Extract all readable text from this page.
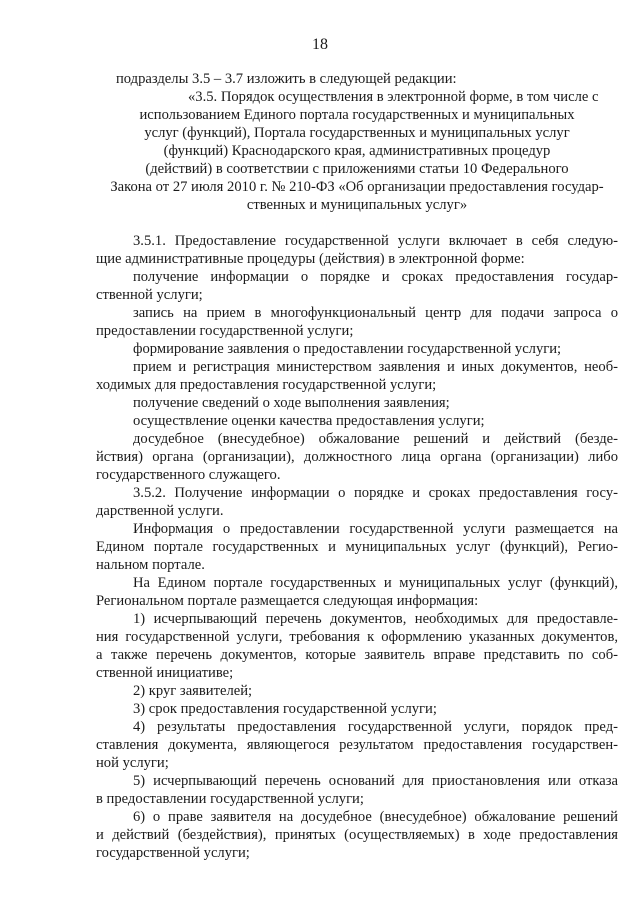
18
подразделы 3.5 – 3.7 изложить в следующей редакции:
«3.5. Порядок осуществления в электронной форме, в том числе с
использованием Единого портала государственных и муниципальных
услуг (функций), Портала государственных и муниципальных услуг
(функций) Краснодарского края, административных процедур
(действий) в соответствии с приложениями статьи 10 Федерального
Закона от 27 июля 2010 г. № 210-ФЗ «Об организации предоставления государ-
ственных и муниципальных услуг»
3.5.1. Предоставление государственной услуги включает в себя следую-
щие административные процедуры (действия) в электронной форме:
получение информации о порядке и сроках предоставления государ-
ственной услуги;
запись на прием в многофункциональный центр для подачи запроса о
предоставлении государственной услуги;
формирование заявления о предоставлении государственной услуги;
прием и регистрация министерством заявления и иных документов, необ-
ходимых для предоставления государственной услуги;
получение сведений о ходе выполнения заявления;
осуществление оценки качества предоставления услуги;
досудебное (внесудебное) обжалование решений и действий (безде-
йствия) органа (организации), должностного лица органа (организации) либо
государственного служащего.
3.5.2. Получение информации о порядке и сроках предоставления госу-
дарственной услуги.
Информация о предоставлении государственной услуги размещается на
Едином портале государственных и муниципальных услуг (функций), Регио-
нальном портале.
На Едином портале государственных и муниципальных услуг (функций),
Региональном портале размещается следующая информация:
1) исчерпывающий перечень документов, необходимых для предоставле-
ния государственной услуги, требования к оформлению указанных документов,
а также перечень документов, которые заявитель вправе представить по соб-
ственной инициативе;
2) круг заявителей;
3) срок предоставления государственной услуги;
4) результаты предоставления государственной услуги, порядок пред-
ставления документа, являющегося результатом предоставления государствен-
ной услуги;
5) исчерпывающий перечень оснований для приостановления или отказа
в предоставлении государственной услуги;
6) о праве заявителя на досудебное (внесудебное) обжалование решений
и действий (бездействия), принятых (осуществляемых) в ходе предоставления
государственной услуги;
